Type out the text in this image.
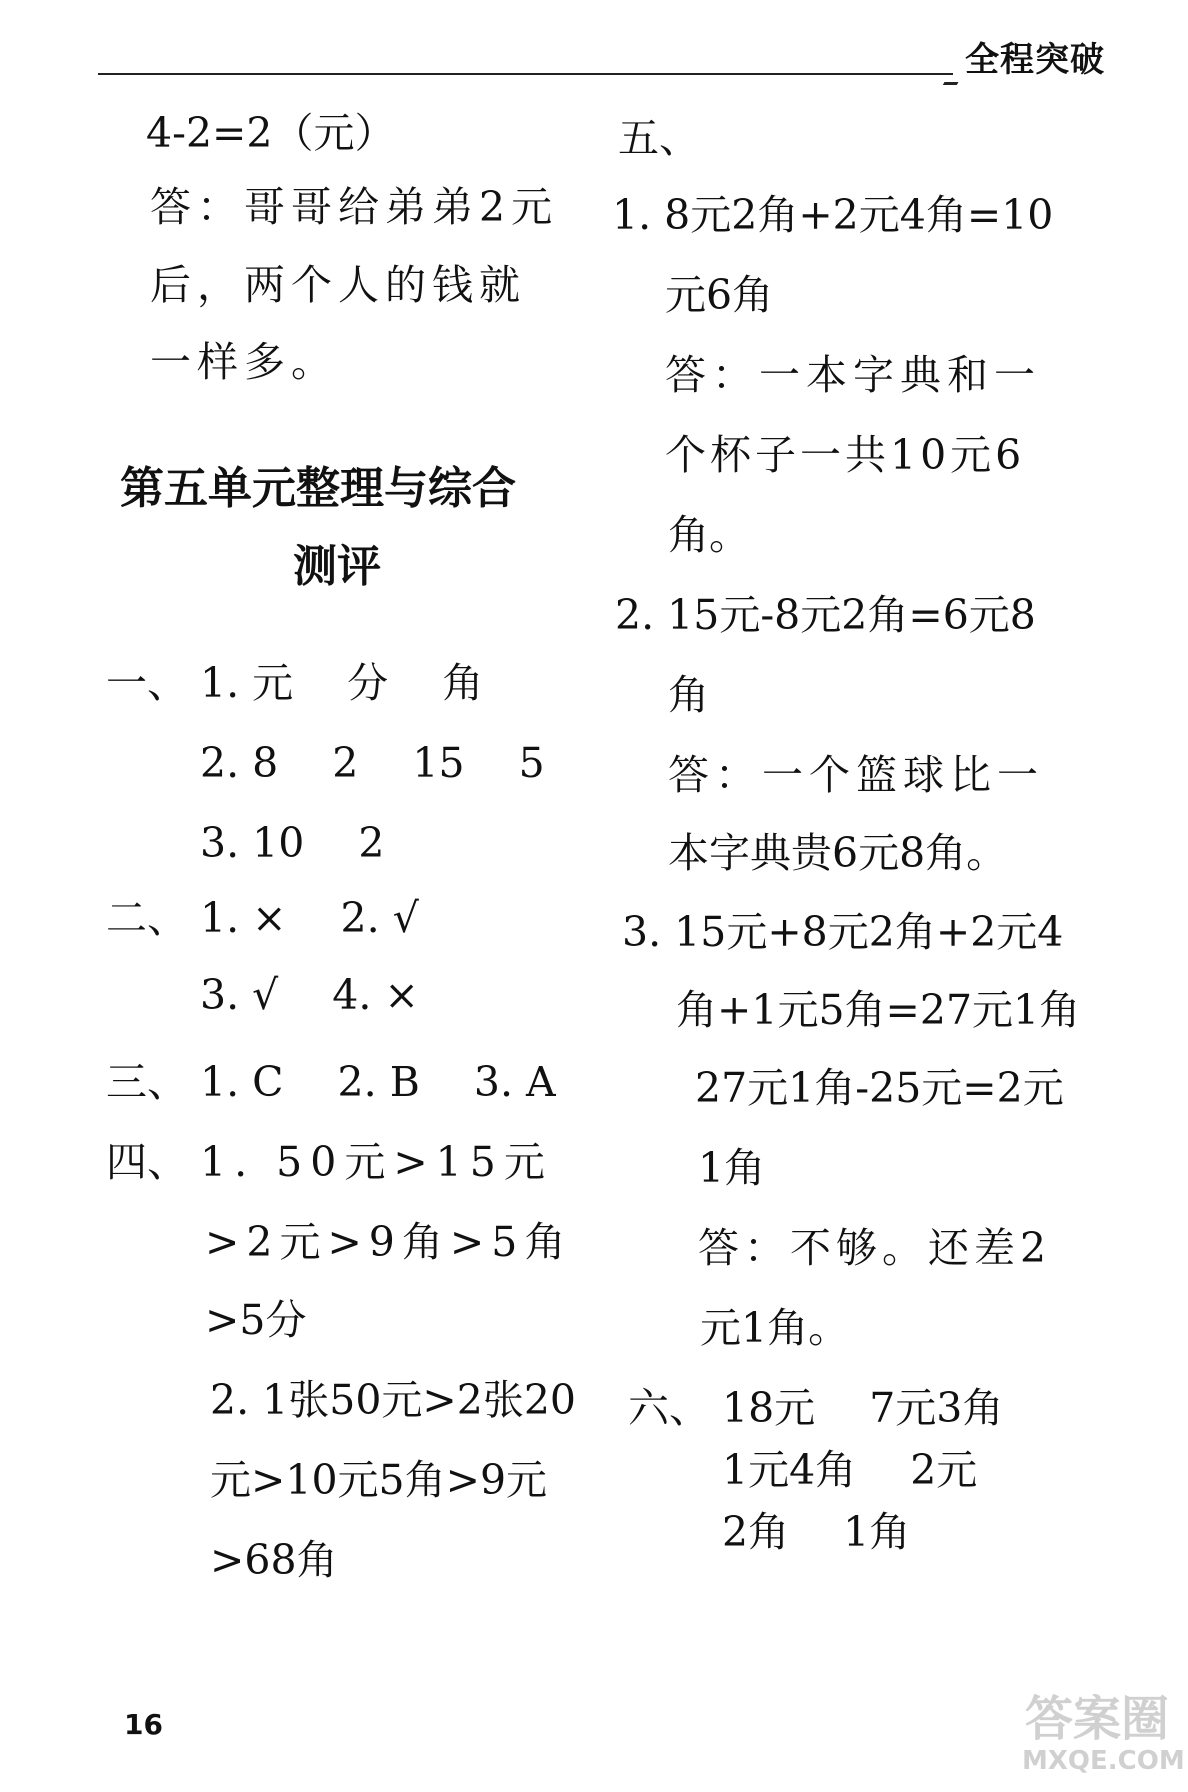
全程突破
4-2=2（元）
答：哥哥给弟弟2元
后，两个人的钱就
一样多。
第五单元整理与综合
测评
一、 1. 元　 分　 角
2. 8　 2　 15　 5
3. 10　 2
二、 1. ×　 2. √
3. √　 4. ×
三、 1. C　 2. B　 3. A
四、 1. 50元>15元
>2元>9角>5角
>5分
2. 1张50元>2张20
元>10元5角>9元
>68角
五、
1. 8元2角+2元4角=10
元6角
答：一本字典和一
个杯子一共10元6
角。
2. 15元-8元2角=6元8
角
答：一个篮球比一
本字典贵6元8角。
3. 15元+8元2角+2元4
角+1元5角=27元1角
27元1角-25元=2元
1角
答：不够。还差2
元1角。
六、 18元　 7元3角
1元4角　 2元
2角　 1角
16	答案圈
MXQE.COM
